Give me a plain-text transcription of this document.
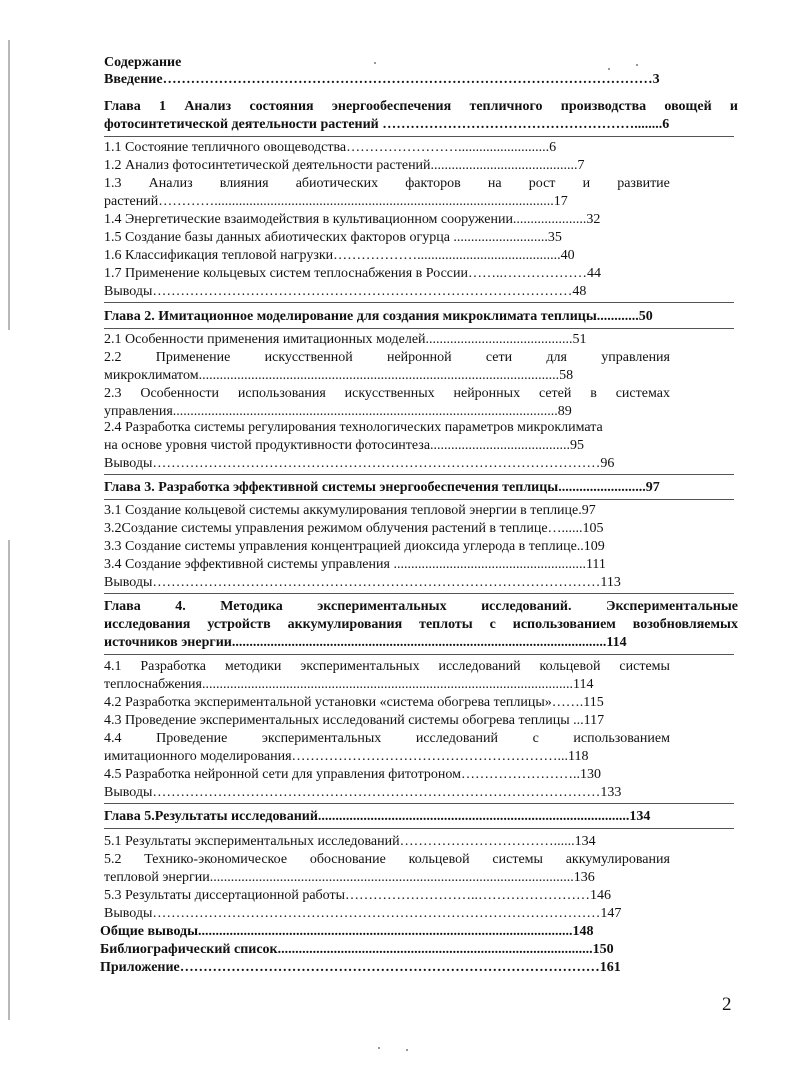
Содержание
Введение……………………………………………………………………………………………3
Глава 1 Анализ состояния энергообеспечения тепличного производства овощей и
фотосинтетической деятельности растений ………………………………………………........6
1.1 Состояние тепличного овощеводства……………………..........................6
1.2 Анализ фотосинтетической деятельности растений..........................................7
1.3 Анализ влияния абиотических факторов на рост и развитие
растений………….................................................................................................17
1.4 Энергетические взаимодействия в культивационном сооружении.....................32
1.5 Создание базы данных абиотических факторов огурца ...........................35
1.6 Классификация тепловой нагрузки……………….........................................40
1.7 Применение кольцевых систем теплоснабжения в России……..………………44
Выводы………………………………………………………………………………48
Глава 2. Имитационное моделирование для создания микроклимата теплицы............50
2.1 Особенности применения имитационных моделей..........................................51
2.2 Применение искусственной нейронной сети для управления
микроклиматом.......................................................................................................58
2.3 Особенности использования искусственных нейронных сетей в системах
управления..............................................................................................................89
2.4 Разработка системы регулирования технологических параметров микроклимата
на основе уровня чистой продуктивности фотосинтеза........................................95
Выводы……………………………………………………………………………………96
Глава 3. Разработка эффективной системы энергообеспечения теплицы.........................97
3.1 Создание кольцевой системы аккумулирования тепловой энергии в теплице.97
3.2Создание системы управления режимом облучения растений в теплице…......105
3.3 Создание системы управления концентрацией диоксида углерода в теплице..109
3.4 Создание эффективной системы управления .......................................................111
Выводы……………………………………………………………………………………113
Глава 4. Методика экспериментальных исследований. Экспериментальные
исследования устройств аккумулирования теплоты с использованием возобновляемых
источников энергии...........................................................................................................114
4.1 Разработка методики экспериментальных исследований кольцевой системы
теплоснабжения..........................................................................................................114
4.2 Разработка экспериментальной установки «система обогрева теплицы»…….115
4.3 Проведение экспериментальных исследований системы обогрева теплицы ...117
4.4 Проведение экспериментальных исследований с использованием
имитационного моделирования…………………………………………………...118
4.5 Разработка нейронной сети для управления фитотроном……………………..130
Выводы……………………………………………………………………………………133
Глава 5.Результаты исследований.........................................................................................134
5.1 Результаты экспериментальных исследований……………………………......134
5.2 Технико-экономическое обоснование кольцевой системы аккумулирования
тепловой энергии........................................................................................................136
5.3 Результаты диссертационной работы………………………..……………………146
Выводы……………………………………………………………………………………147
Общие выводы...........................................................................................................148
Библиографический список..........................................................................................150
Приложение………………………………………………………………………………161
2
